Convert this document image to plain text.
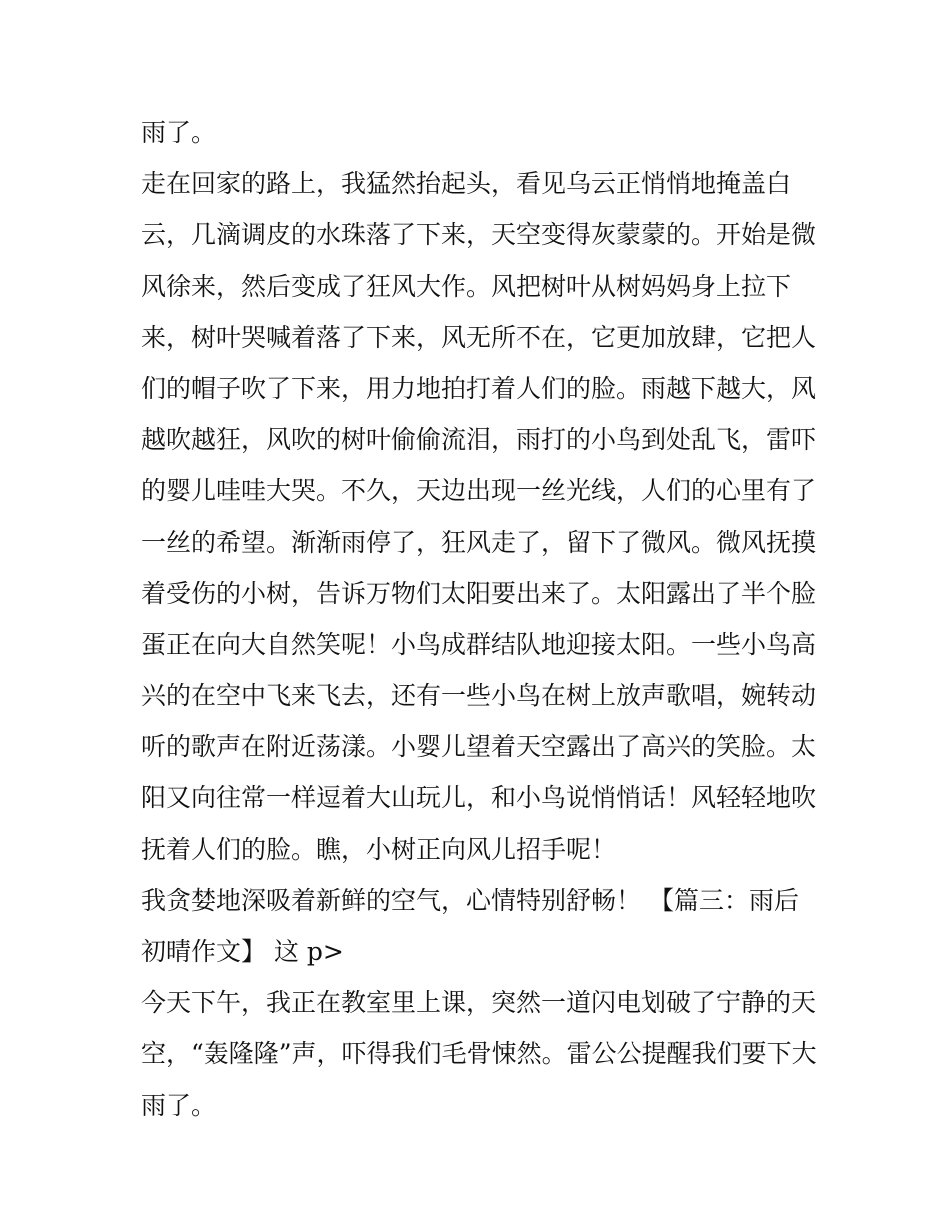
雨了。
走在回家的路上，我猛然抬起头，看见乌云正悄悄地掩盖白
云，几滴调皮的水珠落了下来，天空变得灰蒙蒙的。开始是微
风徐来，然后变成了狂风大作。风把树叶从树妈妈身上拉下
来，树叶哭喊着落了下来，风无所不在，它更加放肆，它把人
们的帽子吹了下来，用力地拍打着人们的脸。雨越下越大，风
越吹越狂，风吹的树叶偷偷流泪，雨打的小鸟到处乱飞，雷吓
的婴儿哇哇大哭。不久，天边出现一丝光线，人们的心里有了
一丝的希望。渐渐雨停了，狂风走了，留下了微风。微风抚摸
着受伤的小树，告诉万物们太阳要出来了。太阳露出了半个脸
蛋正在向大自然笑呢！小鸟成群结队地迎接太阳。一些小鸟高
兴的在空中飞来飞去，还有一些小鸟在树上放声歌唱，婉转动
听的歌声在附近荡漾。小婴儿望着天空露出了高兴的笑脸。太
阳又向往常一样逗着大山玩儿，和小鸟说悄悄话！风轻轻地吹
抚着人们的脸。瞧，小树正向风儿招手呢！
我贪婪地深吸着新鲜的空气，心情特别舒畅！ 【篇三：雨后
初晴作文】 这 p>
今天下午，我正在教室里上课，突然一道闪电划破了宁静的天
空，“轰隆隆”声，吓得我们毛骨悚然。雷公公提醒我们要下大
雨了。
